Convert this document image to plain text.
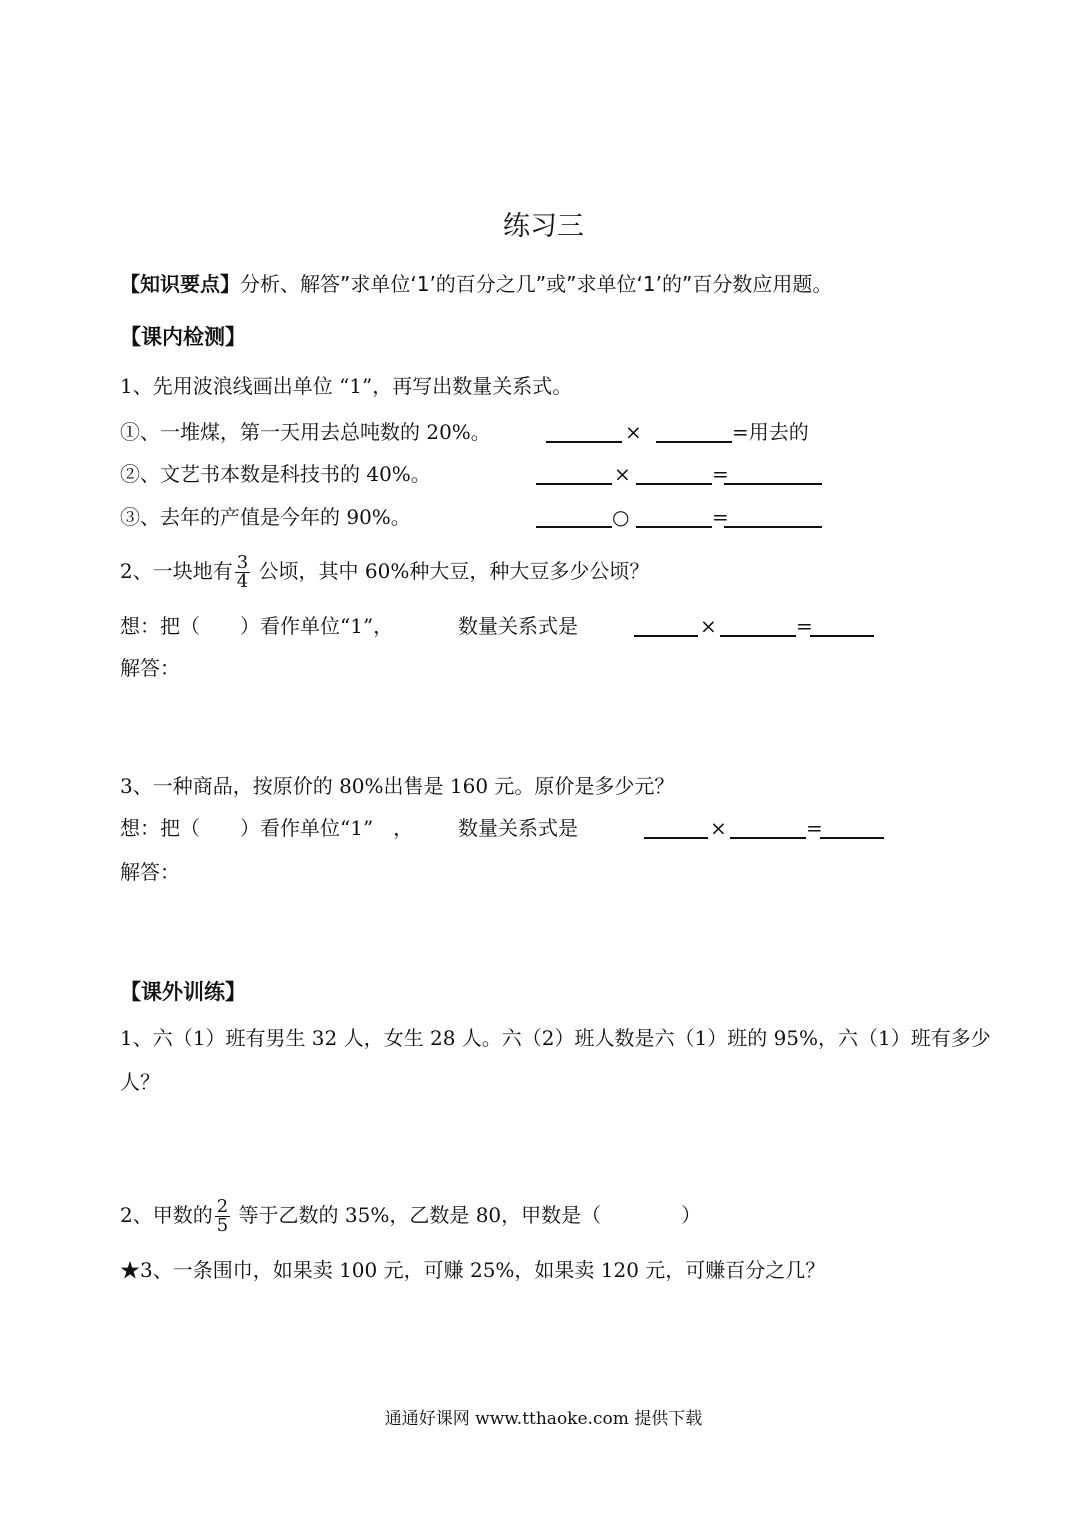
练习三
【知识要点】分析、解答”求单位‘1’的百分之几”或”求单位‘1’的”百分数应用题。
【课内检测】
1、先用波浪线画出单位 “1”，再写出数量关系式。
①、一堆煤，第一天用去总吨数的 20%。	×	=用去的
②、文艺书本数是科技书的 40%。	×	=
③、去年的产值是今年的 90%。	○	=
2、一块地有 $\frac{3}{4}$ 公顷，其中 60%种大豆，种大豆多少公顷？
想：把（　　）看作单位“1”，	数量关系式是	×	=
解答：
3、一种商品，按原价的 80%出售是 160 元。原价是多少元？
想：把（　　）看作单位“1”　， 数量关系式是	×	=
解答：
【课外训练】
1、六（1）班有男生 32 人，女生 28 人。六（2）班人数是六（1）班的 95%，六（1）班有多少
人？
2、甲数的 $\frac{2}{5}$ 等于乙数的 35%，乙数是 80，甲数是（　　　　）
★3、一条围巾，如果卖 100 元，可赚 25%，如果卖 120 元，可赚百分之几？
通通好课网 www.tthaoke.com 提供下载
